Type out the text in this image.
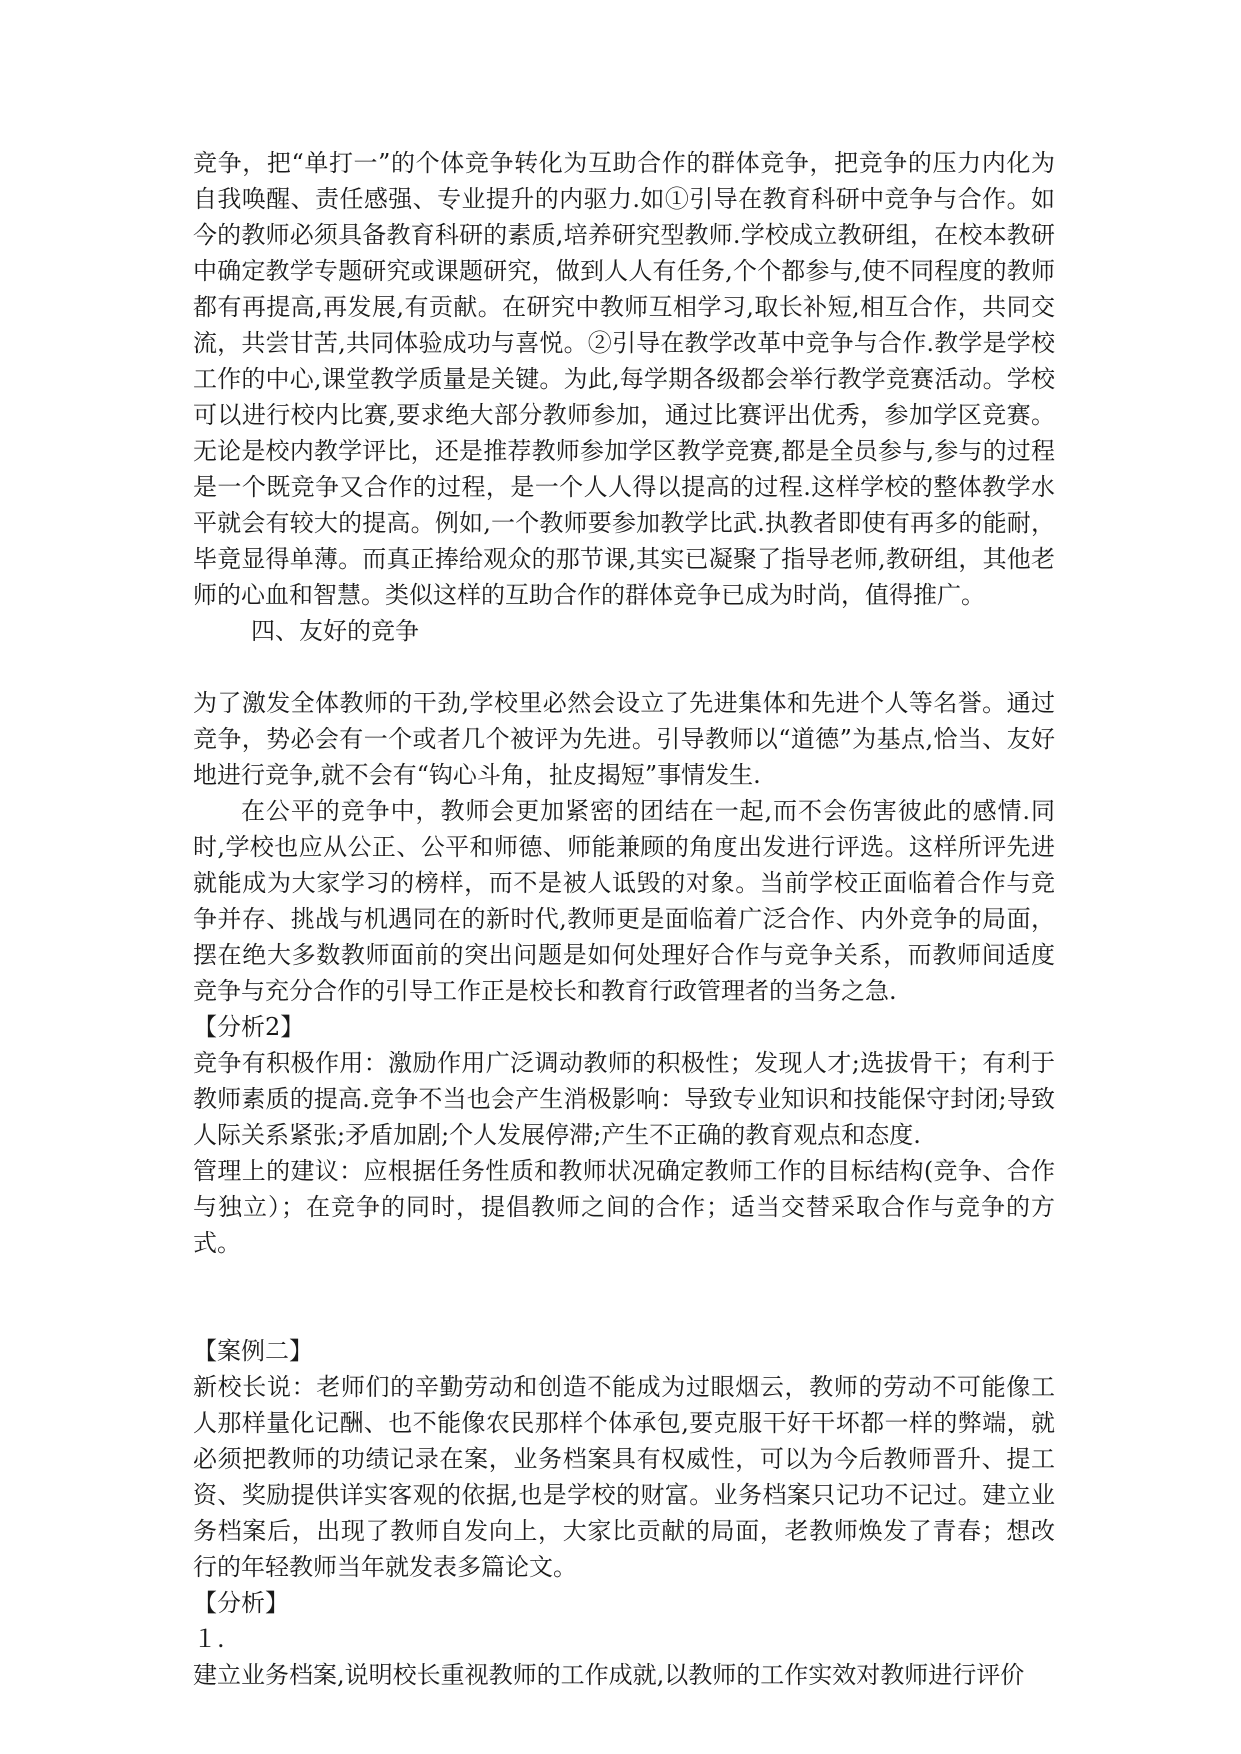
竞争，把“单打一”的个体竞争转化为互助合作的群体竞争，把竞争的压力内化为自我唤醒、责任感强、专业提升的内驱力.如①引导在教育科研中竞争与合作。如今的教师必须具备教育科研的素质,培养研究型教师.学校成立教研组，在校本教研中确定教学专题研究或课题研究，做到人人有任务,个个都参与,使不同程度的教师都有再提高,再发展,有贡献。在研究中教师互相学习,取长补短,相互合作，共同交流，共尝甘苦,共同体验成功与喜悦。②引导在教学改革中竞争与合作.教学是学校工作的中心,课堂教学质量是关键。为此,每学期各级都会举行教学竞赛活动。学校可以进行校内比赛,要求绝大部分教师参加，通过比赛评出优秀，参加学区竞赛。无论是校内教学评比，还是推荐教师参加学区教学竞赛,都是全员参与,参与的过程是一个既竞争又合作的过程，是一个人人得以提高的过程.这样学校的整体教学水平就会有较大的提高。例如,一个教师要参加教学比武.执教者即使有再多的能耐，毕竟显得单薄。而真正捧给观众的那节课,其实已凝聚了指导老师,教研组，其他老师的心血和智慧。类似这样的互助合作的群体竞争已成为时尚，值得推广。

四、友好的竞争

为了激发全体教师的干劲,学校里必然会设立了先进集体和先进个人等名誉。通过竞争，势必会有一个或者几个被评为先进。引导教师以“道德”为基点,恰当、友好地进行竞争,就不会有“钩心斗角，扯皮揭短”事情发生.

在公平的竞争中，教师会更加紧密的团结在一起,而不会伤害彼此的感情.同时,学校也应从公正、公平和师德、师能兼顾的角度出发进行评选。这样所评先进就能成为大家学习的榜样，而不是被人诋毁的对象。当前学校正面临着合作与竞争并存、挑战与机遇同在的新时代,教师更是面临着广泛合作、内外竞争的局面，摆在绝大多数教师面前的突出问题是如何处理好合作与竞争关系，而教师间适度竞争与充分合作的引导工作正是校长和教育行政管理者的当务之急.

【分析2】

竞争有积极作用：激励作用广泛调动教师的积极性；发现人才;选拔骨干；有利于教师素质的提高.竞争不当也会产生消极影响：导致专业知识和技能保守封闭;导致人际关系紧张;矛盾加剧;个人发展停滞;产生不正确的教育观点和态度.

管理上的建议：应根据任务性质和教师状况确定教师工作的目标结构(竞争、合作与独立）；在竞争的同时，提倡教师之间的合作；适当交替采取合作与竞争的方式。

【案例二】

新校长说：老师们的辛勤劳动和创造不能成为过眼烟云，教师的劳动不可能像工人那样量化记酬、也不能像农民那样个体承包,要克服干好干坏都一样的弊端，就必须把教师的功绩记录在案，业务档案具有权威性，可以为今后教师晋升、提工资、奖励提供详实客观的依据,也是学校的财富。业务档案只记功不记过。建立业务档案后，出现了教师自发向上，大家比贡献的局面，老教师焕发了青春；想改行的年轻教师当年就发表多篇论文。

【分析】

１.

建立业务档案,说明校长重视教师的工作成就,以教师的工作实效对教师进行评价
